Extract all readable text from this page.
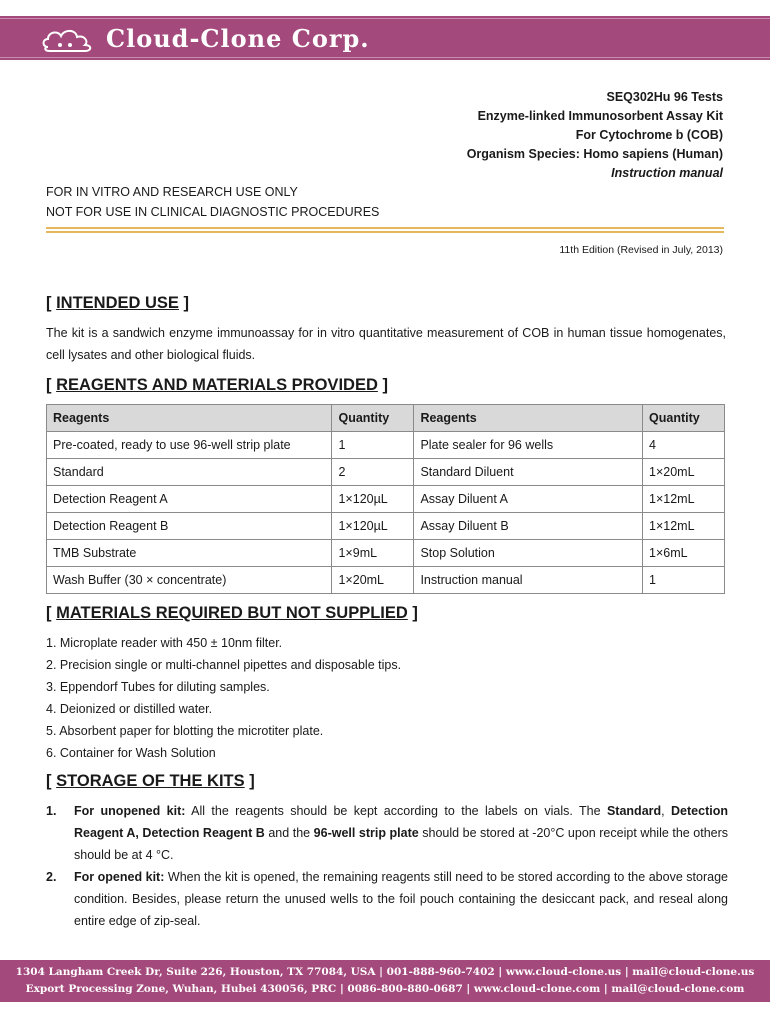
Cloud-Clone Corp.
SEQ302Hu 96 Tests
Enzyme-linked Immunosorbent Assay Kit
For Cytochrome b (COB)
Organism Species: Homo sapiens (Human)
Instruction manual
FOR IN VITRO AND RESEARCH USE ONLY
NOT FOR USE IN CLINICAL DIAGNOSTIC PROCEDURES
11th Edition (Revised in July, 2013)
[ INTENDED USE ]
The kit is a sandwich enzyme immunoassay for in vitro quantitative measurement of COB in human tissue homogenates, cell lysates and other biological fluids.
[ REAGENTS AND MATERIALS PROVIDED ]
Reagents	Quantity	Reagents	Quantity
Pre-coated, ready to use 96-well strip plate	1	Plate sealer for 96 wells	4
Standard	2	Standard Diluent	1×20mL
Detection Reagent A	1×120µL	Assay Diluent A	1×12mL
Detection Reagent B	1×120µL	Assay Diluent B	1×12mL
TMB Substrate	1×9mL	Stop Solution	1×6mL
Wash Buffer (30 × concentrate)	1×20mL	Instruction manual	1
[ MATERIALS REQUIRED BUT NOT SUPPLIED ]
1. Microplate reader with 450 ± 10nm filter.
2. Precision single or multi-channel pipettes and disposable tips.
3. Eppendorf Tubes for diluting samples.
4. Deionized or distilled water.
5. Absorbent paper for blotting the microtiter plate.
6. Container for Wash Solution
[ STORAGE OF THE KITS ]
1.	For unopened kit: All the reagents should be kept according to the labels on vials. The Standard, Detection Reagent A, Detection Reagent B and the 96-well strip plate should be stored at -20°C upon receipt while the others should be at 4 °C.
2.	For opened kit: When the kit is opened, the remaining reagents still need to be stored according to the above storage condition. Besides, please return the unused wells to the foil pouch containing the desiccant pack, and reseal along entire edge of zip-seal.
1304 Langham Creek Dr, Suite 226, Houston, TX 77084, USA | 001-888-960-7402 | www.cloud-clone.us | mail@cloud-clone.us
Export Processing Zone, Wuhan, Hubei 430056, PRC | 0086-800-880-0687 | www.cloud-clone.com | mail@cloud-clone.com
